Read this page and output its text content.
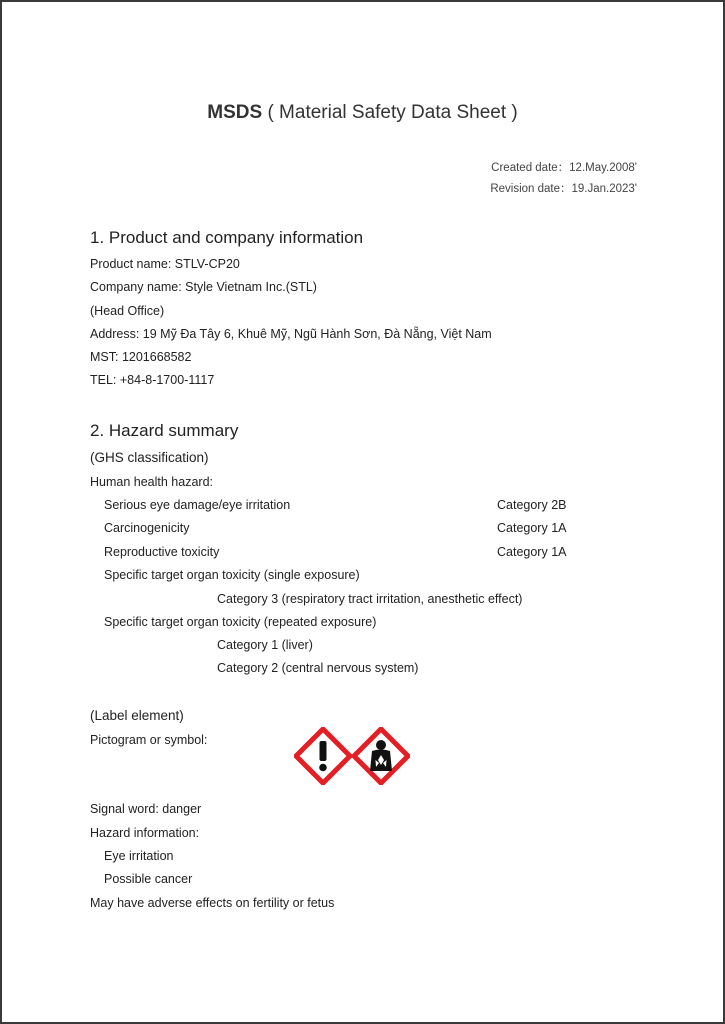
MSDS ( Material Safety Data Sheet )
Created date：12.May.2008'
Revision date：19.Jan.2023'
1. Product and company information
Product name: STLV-CP20
Company name: Style Vietnam Inc.(STL)
(Head Office)
Address: 19 Mỹ Đa Tây 6, Khuê Mỹ, Ngũ Hành Sơn, Đà Nẵng, Việt Nam
MST: 1201668582
TEL: +84-8-1700-1117
2. Hazard summary
(GHS classification)
Human health hazard:
Serious eye damage/eye irritation	Category 2B
Carcinogenicity	Category 1A
Reproductive toxicity	Category 1A
Specific target organ toxicity (single exposure)
Category 3 (respiratory tract irritation, anesthetic effect)
Specific target organ toxicity (repeated exposure)
Category 1 (liver)
Category 2 (central nervous system)
(Label element)
Pictogram or symbol:
Signal word: danger
Hazard information:
Eye irritation
Possible cancer
May have adverse effects on fertility or fetus
